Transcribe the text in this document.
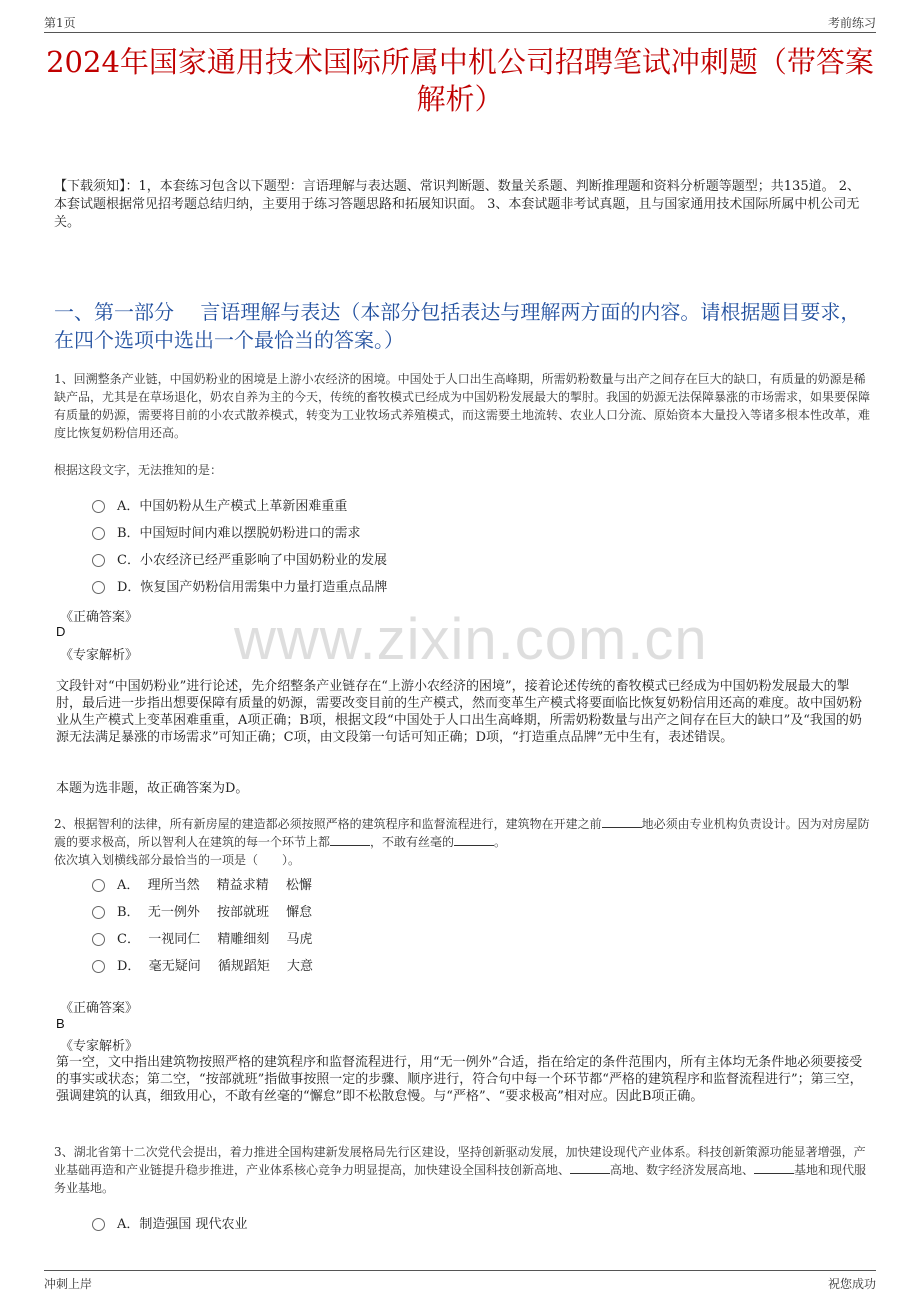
第1页	考前练习
2024年国家通用技术国际所属中机公司招聘笔试冲刺题（带答案解析）
【下载须知】：1，本套练习包含以下题型：言语理解与表达题、常识判断题、数量关系题、判断推理题和资料分析题等题型；共135道。 2、本套试题根据常见招考题总结归纳，主要用于练习答题思路和拓展知识面。 3、本套试题非考试真题，且与国家通用技术国际所属中机公司无关。
一、第一部分　 言语理解与表达（本部分包括表达与理解两方面的内容。请根据题目要求，在四个选项中选出一个最恰当的答案。）
www.zixin.com.cn
1、回溯整条产业链，中国奶粉业的困境是上游小农经济的困境。中国处于人口出生高峰期，所需奶粉数量与出产之间存在巨大的缺口，有质量的奶源是稀缺产品，尤其是在草场退化，奶农自养为主的今天，传统的畜牧模式已经成为中国奶粉发展最大的掣肘。我国的奶源无法保障暴涨的市场需求，如果要保障有质量的奶源，需要将目前的小农式散养模式，转变为工业牧场式养殖模式，而这需要土地流转、农业人口分流、原始资本大量投入等诸多根本性改革，难度比恢复奶粉信用还高。
根据这段文字，无法推知的是：
A．中国奶粉从生产模式上革新困难重重
B．中国短时间内难以摆脱奶粉进口的需求
C．小农经济已经严重影响了中国奶粉业的发展
D．恢复国产奶粉信用需集中力量打造重点品牌
《正确答案》
D
《专家解析》
文段针对“中国奶粉业”进行论述，先介绍整条产业链存在“上游小农经济的困境”，接着论述传统的畜牧模式已经成为中国奶粉发展最大的掣肘，最后进一步指出想要保障有质量的奶源，需要改变目前的生产模式，然而变革生产模式将要面临比恢复奶粉信用还高的难度。故中国奶粉业从生产模式上变革困难重重，A项正确；B项，根据文段“中国处于人口出生高峰期，所需奶粉数量与出产之间存在巨大的缺口”及“我国的奶源无法满足暴涨的市场需求”可知正确；C项，由文段第一句话可知正确；D项，“打造重点品牌”无中生有，表述错误。
本题为选非题，故正确答案为D。
2、根据智利的法律，所有新房屋的建造都必须按照严格的建筑程序和监督流程进行，建筑物在开建之前	地必须由专业机构负责设计。因为对房屋防震的要求极高，所以智利人在建筑的每一个环节上都	，不敢有丝毫的	。
依次填入划横线部分最恰当的一项是（　　）。
A．  理所当然　 精益求精　 松懈
B．  无一例外　 按部就班　 懈怠
C．  一视同仁　 精雕细刻　 马虎
D．  毫无疑问　 循规蹈矩　 大意
《正确答案》
B
《专家解析》
第一空，文中指出建筑物按照严格的建筑程序和监督流程进行，用“无一例外”合适，指在给定的条件范围内，所有主体均无条件地必须要接受的事实或状态；第二空，“按部就班”指做事按照一定的步骤、顺序进行，符合句中每一个环节都“严格的建筑程序和监督流程进行”；第三空，强调建筑的认真，细致用心，不敢有丝毫的“懈怠”即不松散怠慢。与“严格”、“要求极高”相对应。因此B项正确。
3、湖北省第十二次党代会提出，着力推进全国构建新发展格局先行区建设，坚持创新驱动发展，加快建设现代产业体系。科技创新策源功能显著增强，产业基础再造和产业链提升稳步推进，产业体系核心竞争力明显提高，加快建设全国科技创新高地、	高地、数字经济发展高地、	基地和现代服务业基地。
A．制造强国 现代农业
冲刺上岸	祝您成功
